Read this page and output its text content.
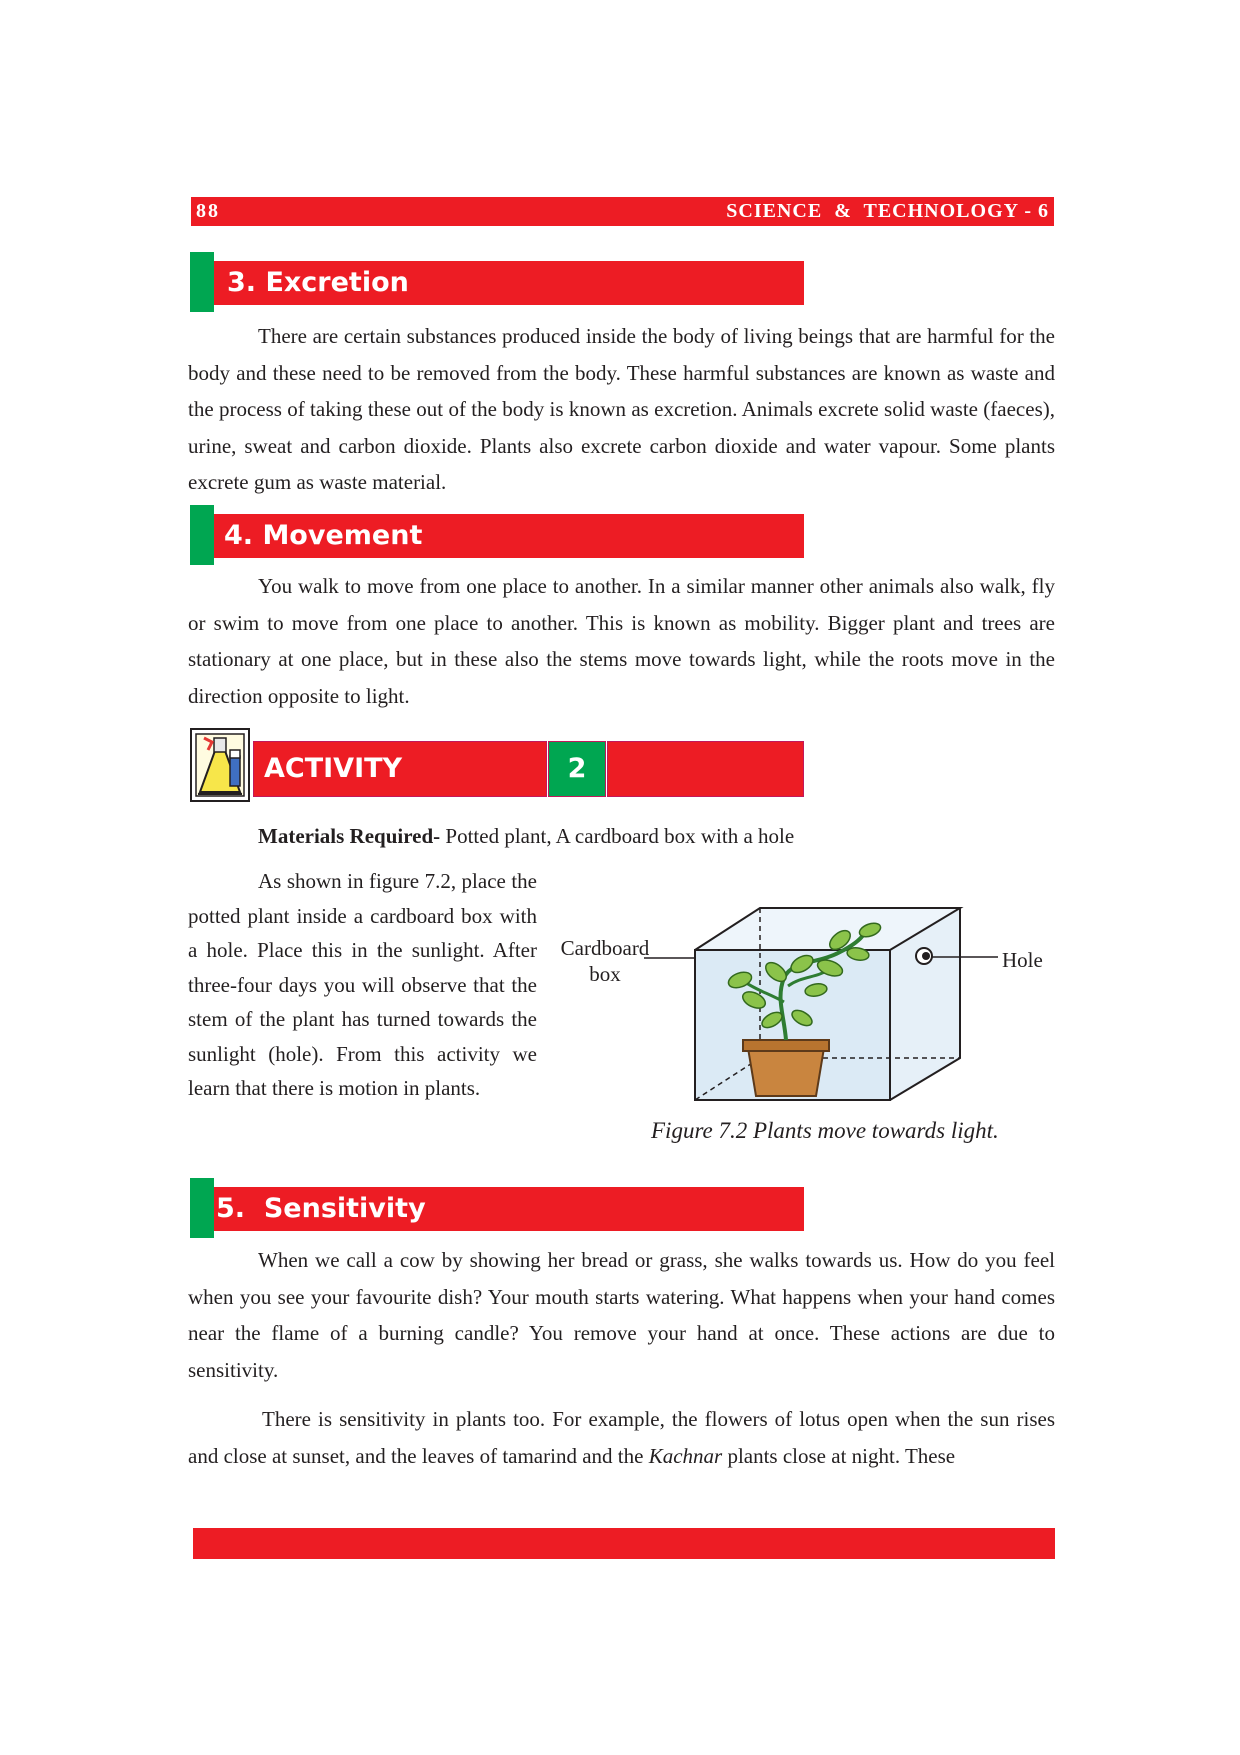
88	SCIENCE  &  TECHNOLOGY - 6
3. Excretion

There are certain substances produced inside the body of living beings that are harmful for the body and these need to be removed from the body. These harmful substances are known as waste and the process of taking these out of the body is known as excretion. Animals excrete solid waste (faeces), urine, sweat and carbon dioxide. Plants also excrete carbon dioxide and water vapour. Some plants excrete gum as waste material.

4. Movement

You walk to move from one place to another. In a similar manner other animals also walk, fly or swim to move from one place to another. This is known as mobility. Bigger plant and trees are stationary at one place, but in these also the stems move towards light, while the roots move in the direction opposite to light.

ACTIVITY	2
Materials Required- Potted plant, A cardboard box with a hole

As shown in figure 7.2, place the potted plant inside a cardboard box with a hole. Place this in the sunlight. After three-four days you will observe that the stem of the plant has turned towards the sunlight (hole). From this activity we learn that there is motion in plants.

Cardboard
box
Hole
Figure 7.2 Plants move towards light.
5.  Sensitivity

When we call a cow by showing her bread or grass, she walks towards us. How do you feel when you see your favourite dish? Your mouth starts watering. What happens when your hand comes near the flame of a burning candle? You remove your hand at once. These actions are due to sensitivity.

There is sensitivity in plants too. For example, the flowers of lotus open when the sun rises and close at sunset, and the leaves of tamarind and the Kachnar plants close at night. These
